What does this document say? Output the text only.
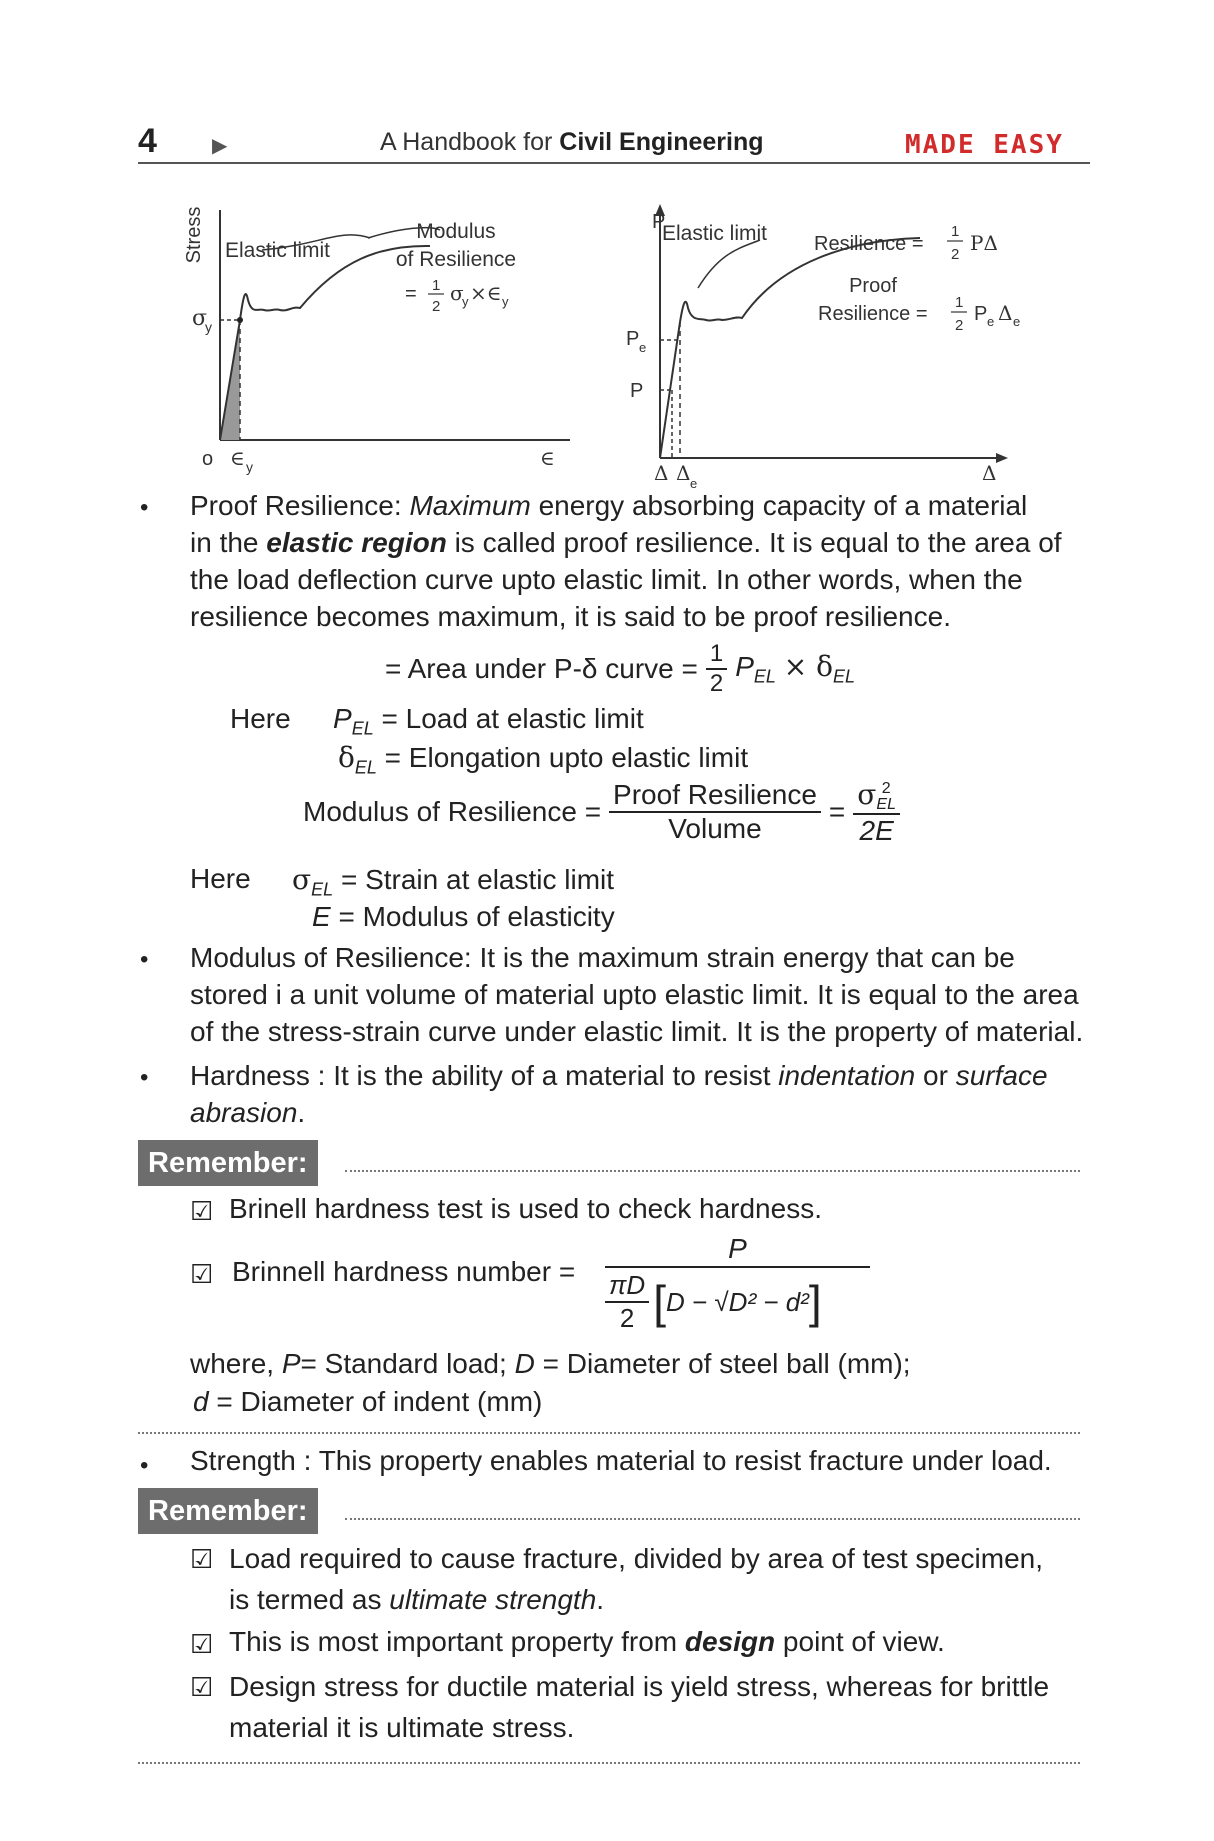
4	▶	A Handbook for Civil Engineering	MADE EASY
Stress Elastic limit
σ
y
o ∈ y	∈
Modulus
of Resilience
= 1
2
σ
y ×∈ y
P
P e
P
Elastic limit
Δ Δ e	Δ
Resilience =
1
2 PΔ
Proof
Resilience =
1
2
P e Δ e
• Proof Resilience: Maximum energy absorbing capacity of a material
in the elastic region is called proof resilience. It is equal to the area of
the load deflection curve upto elastic limit. In other words, when the
resilience becomes maximum, it is said to be proof resilience.
= Area under P-δ curve = $\frac{1}{2} P_{EL} \times \delta_{EL}$
Here $P_{EL}$ = Load at elastic limit
$\delta_{EL}$ = Elongation upto elastic limit
Modulus of Resilience = $\frac{\text{Proof Resilience}}{\text{Volume}} = \sigma$ 2
EL
2E
Here $\sigma_{EL}$ = Strain at elastic limit
E = Modulus of elasticity
• Modulus of Resilience: It is the maximum strain energy that can be
stored i a unit volume of material upto elastic limit. It is equal to the area
of the stress-strain curve under elastic limit. It is the property of material.
• Hardness : It is the ability of a material to resist indentation or surface
abrasion.
Remember:
☑ Brinell hardness test is used to check hardness.
☑ Brinnell hardness number = $\frac{P}{\frac{\pi D}{2} [ D - √D^2 - d^2 ]}$
where, P= Standard load; D = Diameter of steel ball (mm);
d = Diameter of indent (mm)
• Strength : This property enables material to resist fracture under load.
Remember:
☑ Load required to cause fracture, divided by area of test specimen,
is termed as ultimate strength.
☑ This is most important property from design point of view.
☑ Design stress for ductile material is yield stress, whereas for brittle
material it is ultimate stress.
